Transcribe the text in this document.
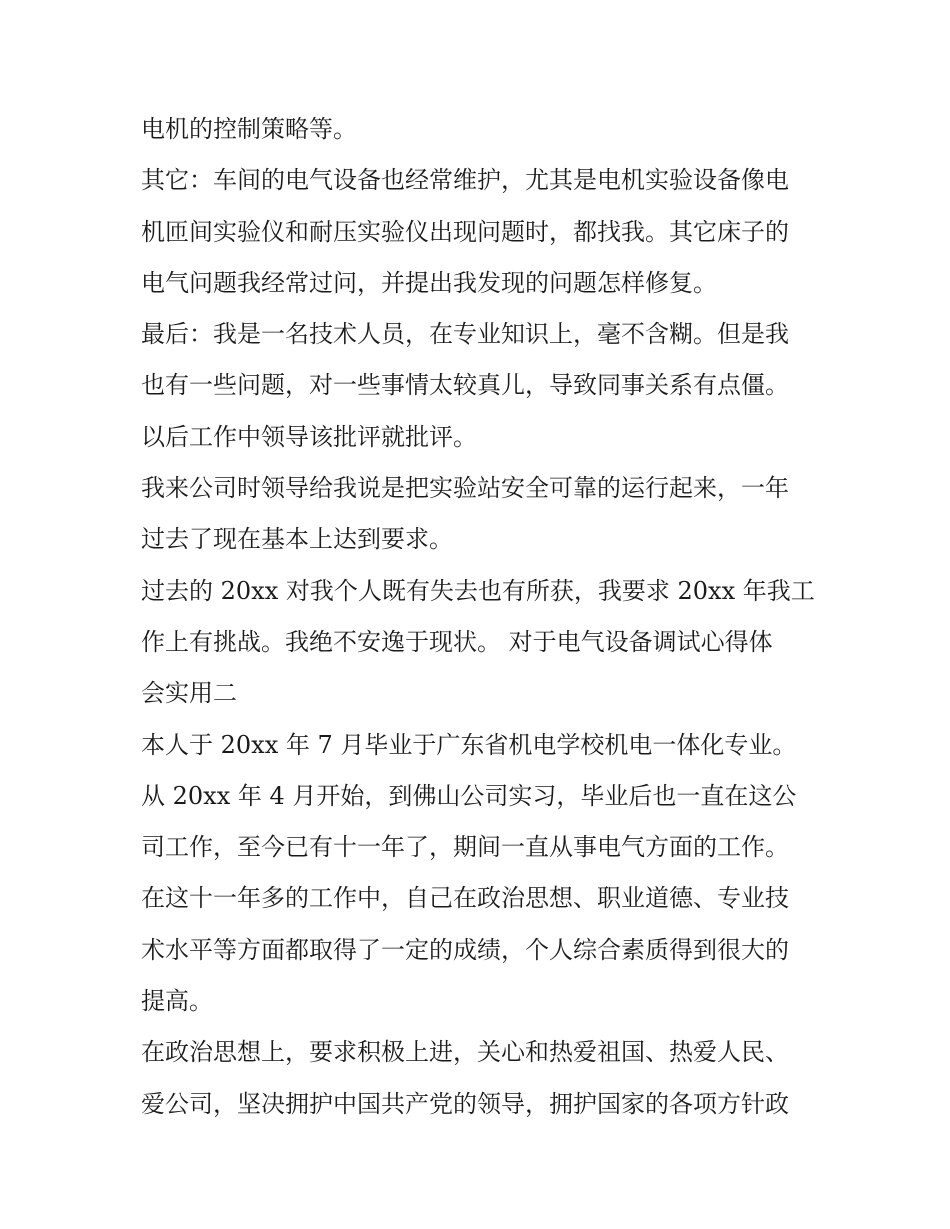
电机的控制策略等。
其它：车间的电气设备也经常维护，尤其是电机实验设备像电
机匝间实验仪和耐压实验仪出现问题时，都找我。其它床子的
电气问题我经常过问，并提出我发现的问题怎样修复。
最后：我是一名技术人员，在专业知识上，毫不含糊。但是我
也有一些问题，对一些事情太较真儿，导致同事关系有点僵。
以后工作中领导该批评就批评。
我来公司时领导给我说是把实验站安全可靠的运行起来，一年
过去了现在基本上达到要求。
过去的 20xx 对我个人既有失去也有所获，我要求 20xx 年我工
作上有挑战。我绝不安逸于现状。 对于电气设备调试心得体
会实用二
本人于 20xx 年 7 月毕业于广东省机电学校机电一体化专业。
从 20xx 年 4 月开始，到佛山公司实习，毕业后也一直在这公
司工作，至今已有十一年了，期间一直从事电气方面的工作。
在这十一年多的工作中，自己在政治思想、职业道德、专业技
术水平等方面都取得了一定的成绩，个人综合素质得到很大的
提高。
在政治思想上，要求积极上进，关心和热爱祖国、热爱人民、
爱公司，坚决拥护中国共产党的领导，拥护国家的各项方针政
